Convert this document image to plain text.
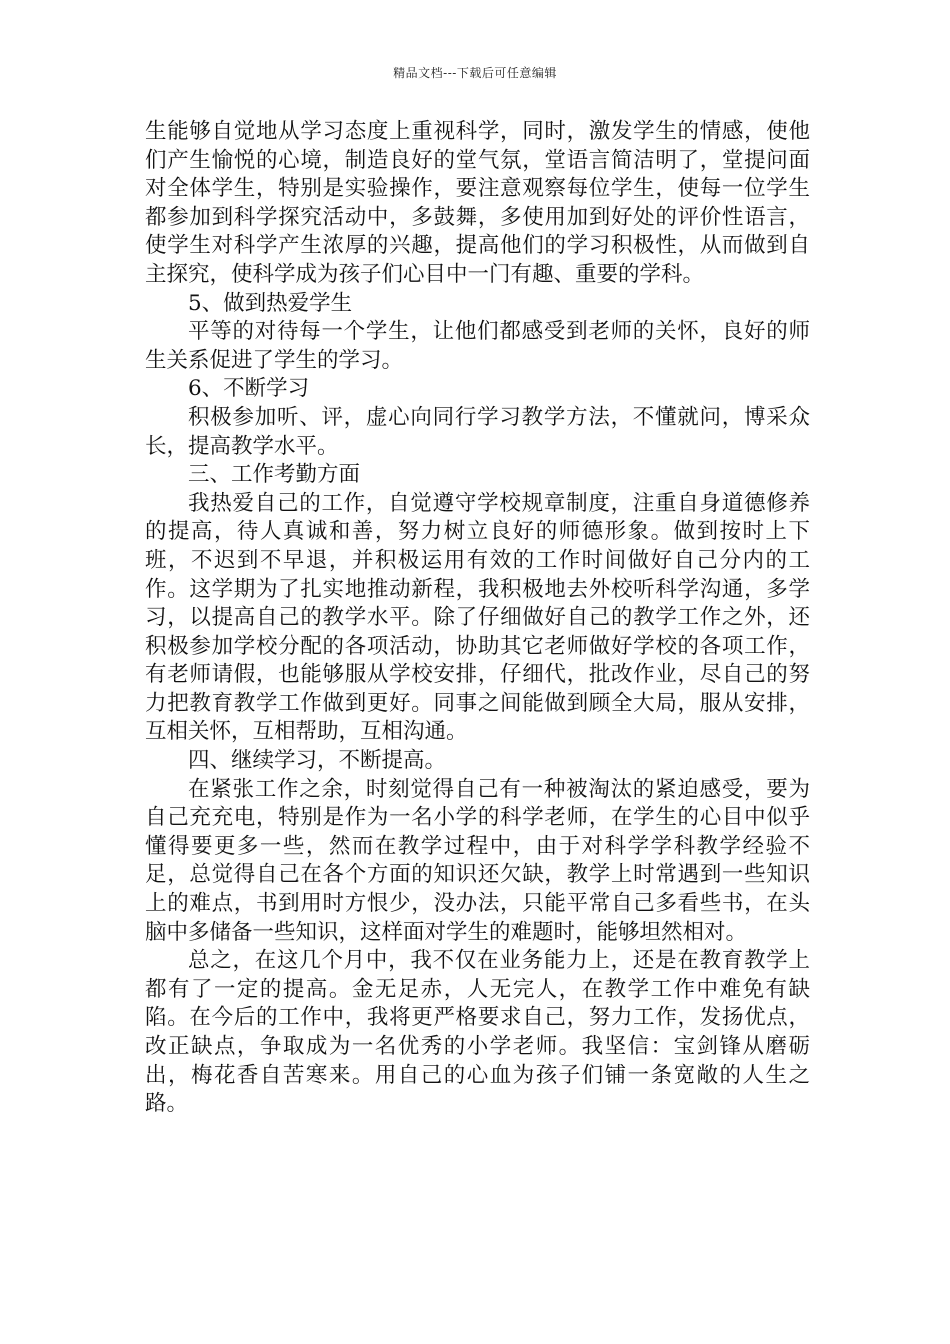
精品文档---下载后可任意编辑

生能够自觉地从学习态度上重视科学，同时，激发学生的情感，使他们产生愉悦的心境，制造良好的堂气氛，堂语言简洁明了，堂提问面对全体学生，特别是实验操作，要注意观察每位学生，使每一位学生都参加到科学探究活动中，多鼓舞，多使用加到好处的评价性语言，使学生对科学产生浓厚的兴趣，提高他们的学习积极性，从而做到自主探究，使科学成为孩子们心目中一门有趣、重要的学科。

5、做到热爱学生

平等的对待每一个学生，让他们都感受到老师的关怀，良好的师生关系促进了学生的学习。

6、不断学习

积极参加听、评，虚心向同行学习教学方法，不懂就问，博采众长，提高教学水平。

三、工作考勤方面

我热爱自己的工作，自觉遵守学校规章制度，注重自身道德修养的提高，待人真诚和善，努力树立良好的师德形象。做到按时上下班，不迟到不早退，并积极运用有效的工作时间做好自己分内的工作。这学期为了扎实地推动新程，我积极地去外校听科学沟通，多学习，以提高自己的教学水平。除了仔细做好自己的教学工作之外，还积极参加学校分配的各项活动，协助其它老师做好学校的各项工作，有老师请假，也能够服从学校安排，仔细代，批改作业，尽自己的努力把教育教学工作做到更好。同事之间能做到顾全大局，服从安排，互相关怀，互相帮助，互相沟通。

四、继续学习，不断提高。

在紧张工作之余，时刻觉得自己有一种被淘汰的紧迫感受，要为自己充充电，特别是作为一名小学的科学老师，在学生的心目中似乎懂得要更多一些，然而在教学过程中，由于对科学学科教学经验不足，总觉得自己在各个方面的知识还欠缺，教学上时常遇到一些知识上的难点，书到用时方恨少，没办法，只能平常自己多看些书，在头脑中多储备一些知识，这样面对学生的难题时，能够坦然相对。

总之，在这几个月中，我不仅在业务能力上，还是在教育教学上都有了一定的提高。金无足赤，人无完人，在教学工作中难免有缺陷。在今后的工作中，我将更严格要求自己，努力工作，发扬优点，改正缺点，争取成为一名优秀的小学老师。我坚信：宝剑锋从磨砺出，梅花香自苦寒来。用自己的心血为孩子们铺一条宽敞的人生之路。
